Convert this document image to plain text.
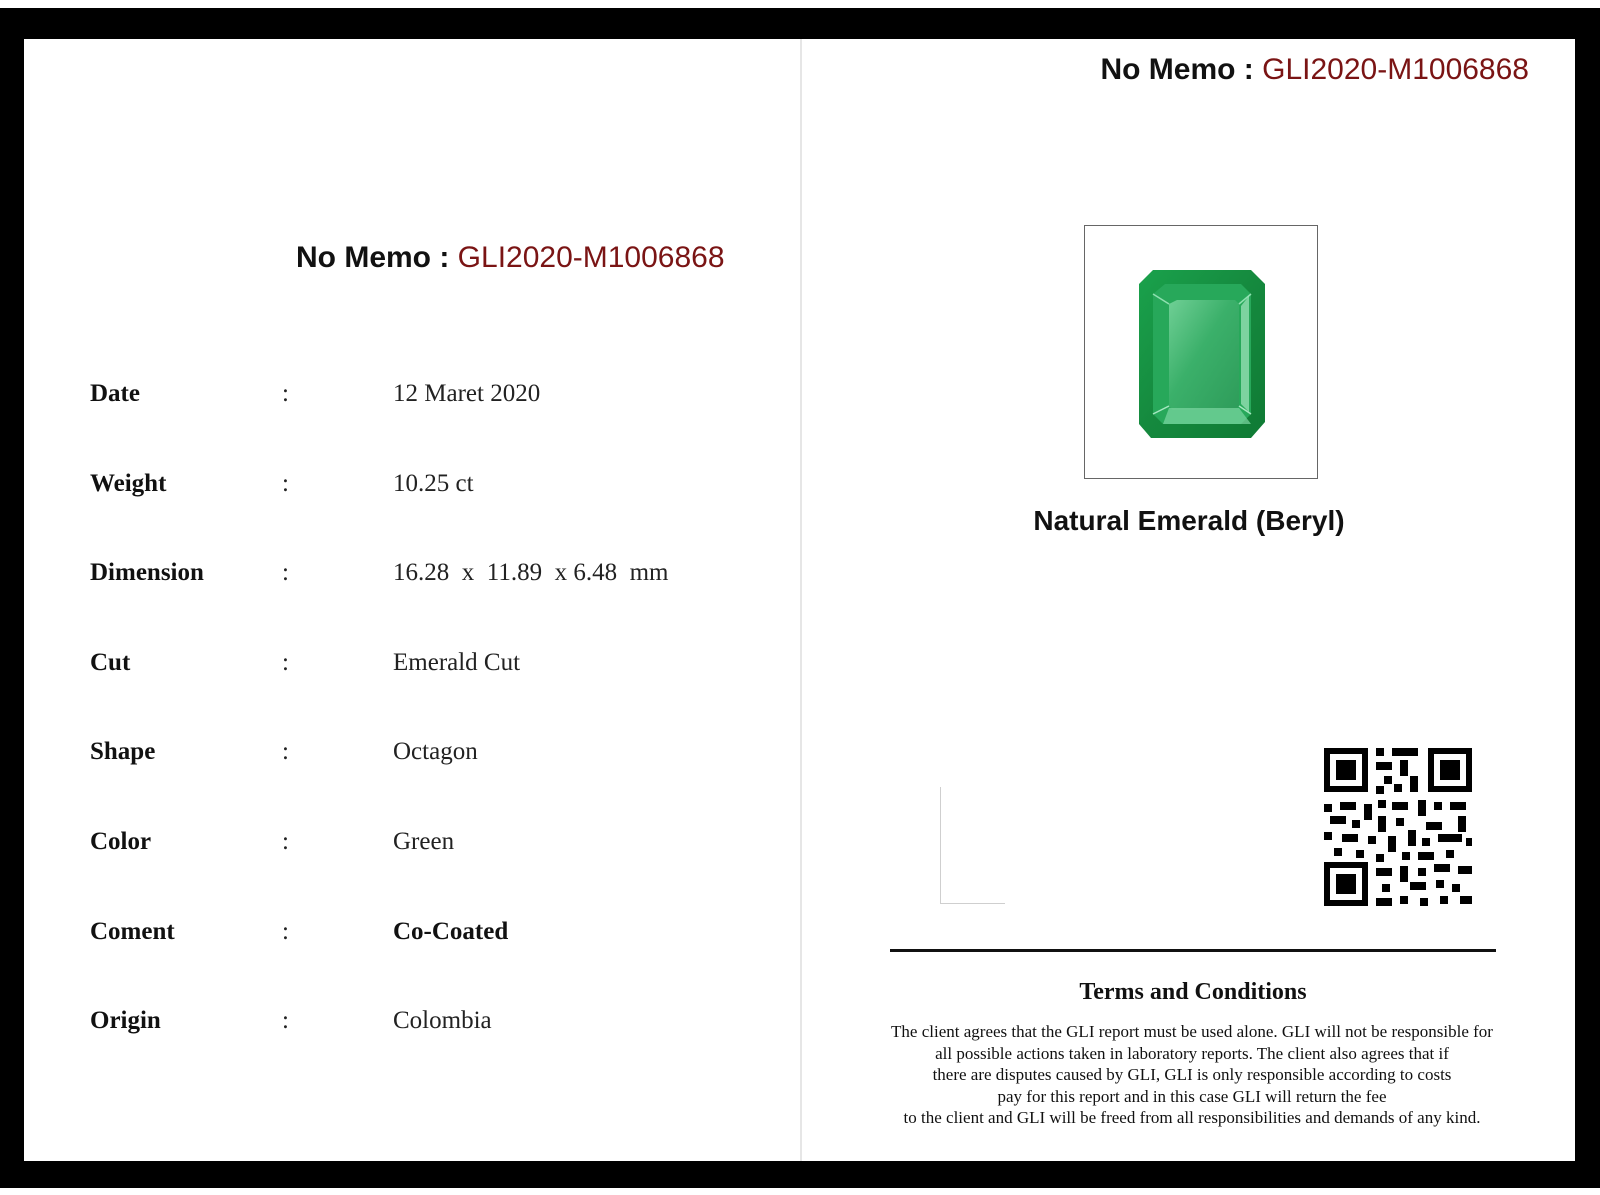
No Memo : GLI2020-M1006868
No Memo : GLI2020-M1006868
Date	:	12 Maret 2020
Weight	:	10.25 ct
Dimension	:	16.28  x  11.89  x 6.48  mm
Cut	:	Emerald Cut
Shape	:	Octagon
Color	:	Green
Coment	:	Co-Coated
Origin	:	Colombia
Natural Emerald (Beryl)
Terms and Conditions
The client agrees that the GLI report must be used alone. GLI will not be responsible for
all possible actions taken in laboratory reports. The client also agrees that if
there are disputes caused by GLI, GLI is only responsible according to costs
pay for this report and in this case GLI will return the fee
to the client and GLI will be freed from all responsibilities and demands of any kind.
